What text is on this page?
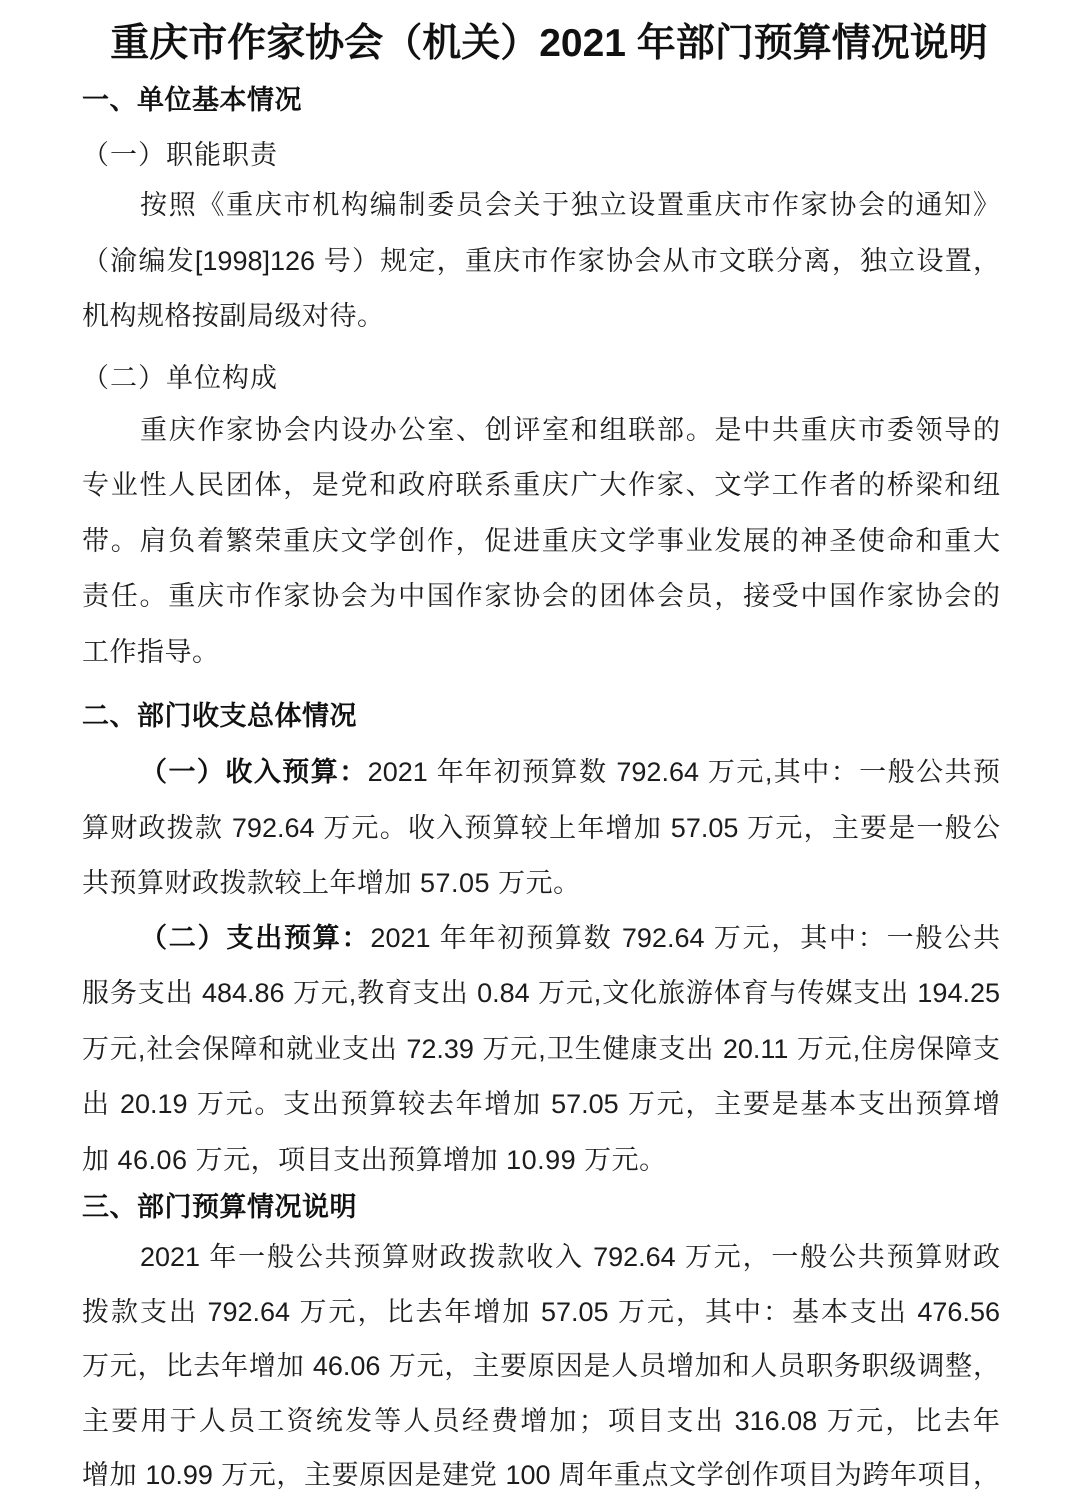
重庆市作家协会（机关）2021 年部门预算情况说明
一、单位基本情况
（一）职能职责
按照《重庆市机构编制委员会关于独立设置重庆市作家协会的通知》
（渝编发[1998]126 号）规定，重庆市作家协会从市文联分离，独立设置，
机构规格按副局级对待。
（二）单位构成
重庆作家协会内设办公室、创评室和组联部。是中共重庆市委领导的
专业性人民团体，是党和政府联系重庆广大作家、文学工作者的桥梁和纽
带。肩负着繁荣重庆文学创作，促进重庆文学事业发展的神圣使命和重大
责任。重庆市作家协会为中国作家协会的团体会员，接受中国作家协会的
工作指导。
二、部门收支总体情况
（一）收入预算：2021 年年初预算数 792.64 万元,其中：一般公共预
算财政拨款 792.64 万元。收入预算较上年增加 57.05 万元，主要是一般公
共预算财政拨款较上年增加 57.05 万元。
（二）支出预算：2021 年年初预算数 792.64 万元，其中：一般公共
服务支出 484.86 万元,教育支出 0.84 万元,文化旅游体育与传媒支出 194.25
万元,社会保障和就业支出 72.39 万元,卫生健康支出 20.11 万元,住房保障支
出 20.19 万元。支出预算较去年增加 57.05 万元，主要是基本支出预算增
加 46.06 万元，项目支出预算增加 10.99 万元。
三、部门预算情况说明
2021 年一般公共预算财政拨款收入 792.64 万元，一般公共预算财政
拨款支出 792.64 万元，比去年增加 57.05 万元，其中：基本支出 476.56
万元，比去年增加 46.06 万元，主要原因是人员增加和人员职务职级调整，
主要用于人员工资统发等人员经费增加；项目支出 316.08 万元，比去年
增加 10.99 万元，主要原因是建党 100 周年重点文学创作项目为跨年项目，
